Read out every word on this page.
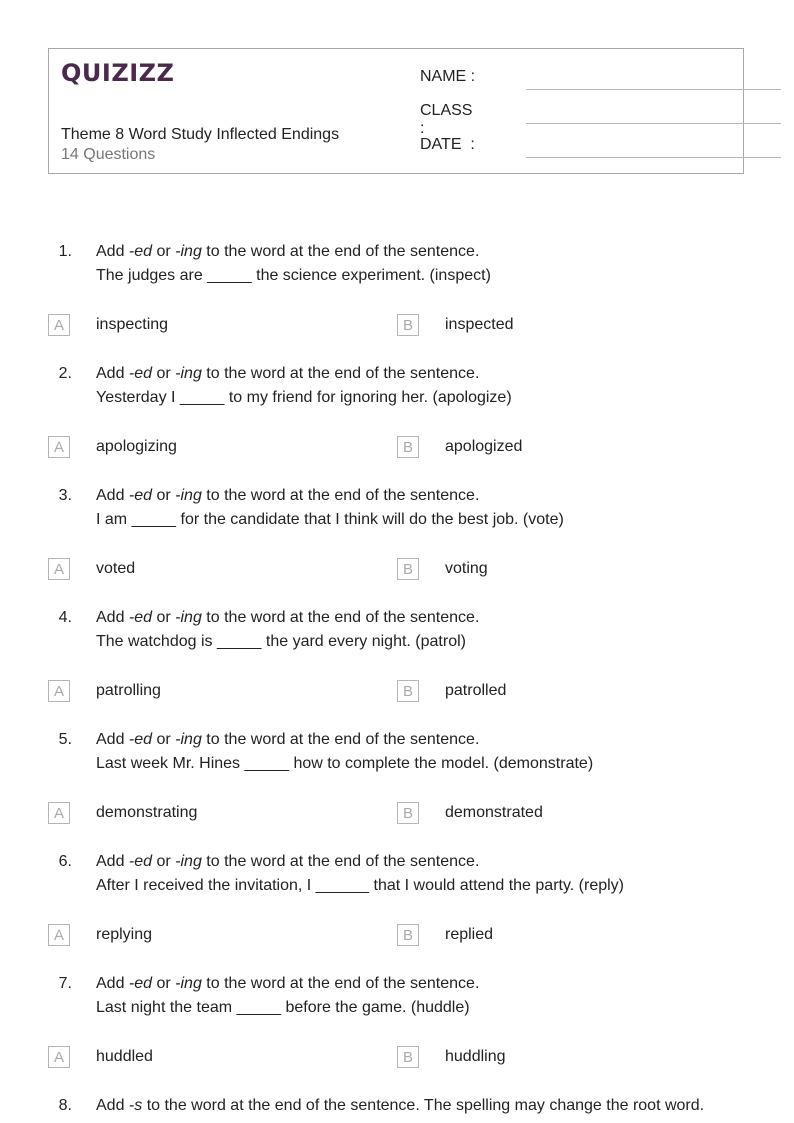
QUIZIZZ
Theme 8 Word Study Inflected Endings
14 Questions
NAME :
CLASS :
DATE  :
1. Add -ed or -ing to the word at the end of the sentence.
The judges are _____ the science experiment. (inspect)
A	inspecting	B	inspected
2. Add -ed or -ing to the word at the end of the sentence.
Yesterday I _____ to my friend for ignoring her. (apologize)
A	apologizing	B	apologized
3. Add -ed or -ing to the word at the end of the sentence.
I am _____ for the candidate that I think will do the best job. (vote)
A	voted	B	voting
4. Add -ed or -ing to the word at the end of the sentence.
The watchdog is _____ the yard every night. (patrol)
A	patrolling	B	patrolled
5. Add -ed or -ing to the word at the end of the sentence.
Last week Mr. Hines _____ how to complete the model. (demonstrate)
A	demonstrating	B	demonstrated
6. Add -ed or -ing to the word at the end of the sentence.
After I received the invitation, I ______ that I would attend the party. (reply)
A	replying	B	replied
7. Add -ed or -ing to the word at the end of the sentence.
Last night the team _____ before the game. (huddle)
A	huddled	B	huddling
8. Add -s to the word at the end of the sentence. The spelling may change the root word.
